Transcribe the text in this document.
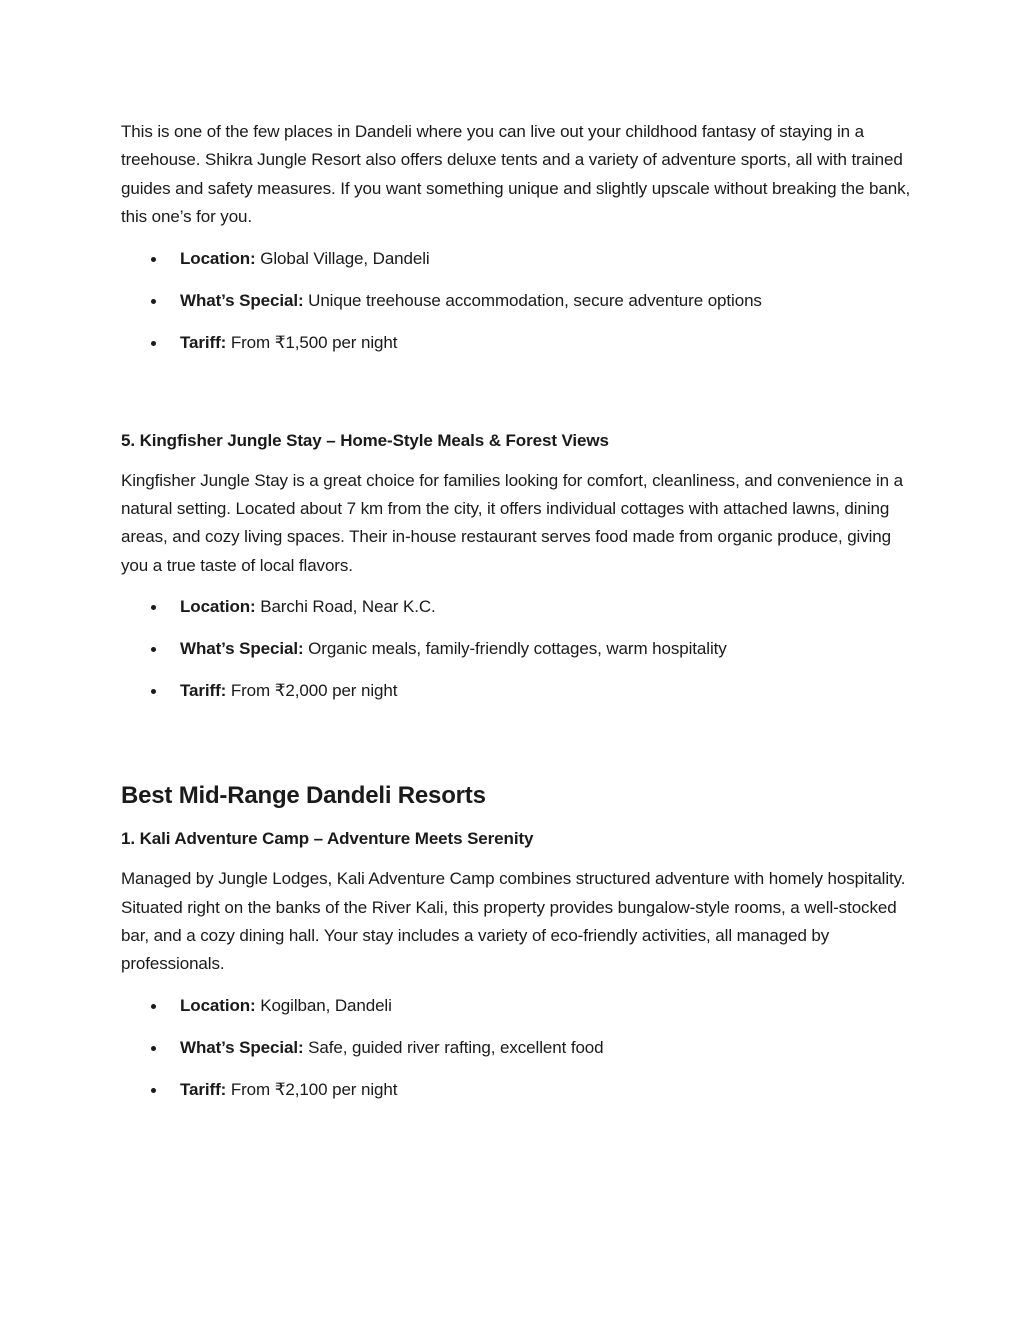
This is one of the few places in Dandeli where you can live out your childhood fantasy of staying in a treehouse. Shikra Jungle Resort also offers deluxe tents and a variety of adventure sports, all with trained guides and safety measures. If you want something unique and slightly upscale without breaking the bank, this one’s for you.

Location: Global Village, Dandeli
What’s Special: Unique treehouse accommodation, secure adventure options
Tariff: From ₹1,500 per night
5. Kingfisher Jungle Stay – Home-Style Meals & Forest Views

Kingfisher Jungle Stay is a great choice for families looking for comfort, cleanliness, and convenience in a natural setting. Located about 7 km from the city, it offers individual cottages with attached lawns, dining areas, and cozy living spaces. Their in-house restaurant serves food made from organic produce, giving you a true taste of local flavors.

Location: Barchi Road, Near K.C.
What’s Special: Organic meals, family-friendly cottages, warm hospitality
Tariff: From ₹2,000 per night
Best Mid-Range Dandeli Resorts
1. Kali Adventure Camp – Adventure Meets Serenity

Managed by Jungle Lodges, Kali Adventure Camp combines structured adventure with homely hospitality. Situated right on the banks of the River Kali, this property provides bungalow-style rooms, a well-stocked bar, and a cozy dining hall. Your stay includes a variety of eco-friendly activities, all managed by professionals.

Location: Kogilban, Dandeli
What’s Special: Safe, guided river rafting, excellent food
Tariff: From ₹2,100 per night
